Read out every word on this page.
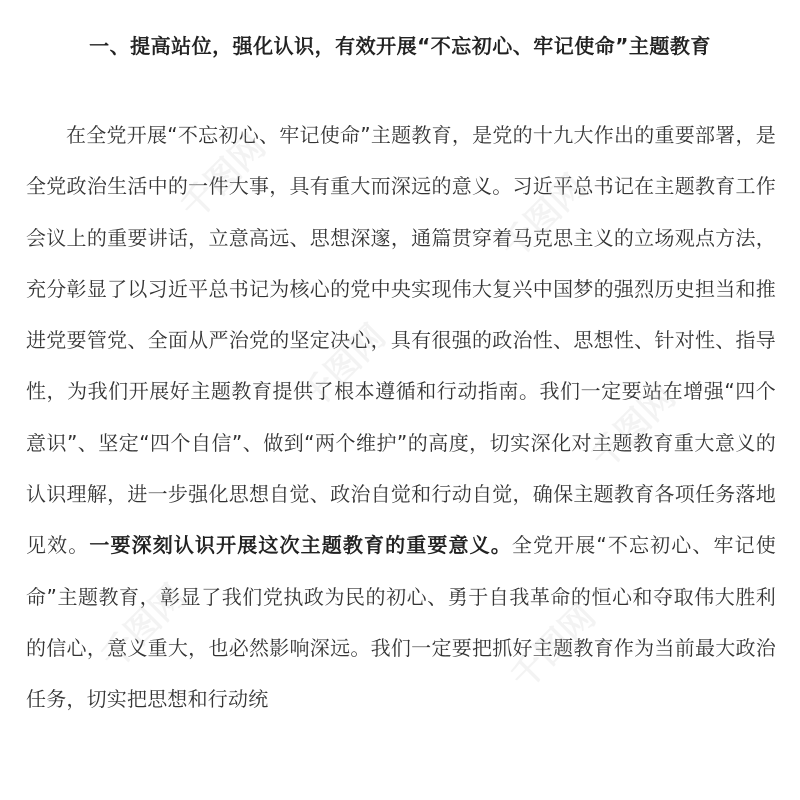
一、提高站位，强化认识，有效开展“不忘初心、牢记使命”主题教育

在全党开展“不忘初心、牢记使命”主题教育，是党的十九大作出的重要部署，是全党政治生活中的一件大事，具有重大而深远的意义。习近平总书记在主题教育工作会议上的重要讲话，立意高远、思想深邃，通篇贯穿着马克思主义的立场观点方法，充分彰显了以习近平总书记为核心的党中央实现伟大复兴中国梦的强烈历史担当和推进党要管党、全面从严治党的坚定决心，具有很强的政治性、思想性、针对性、指导性，为我们开展好主题教育提供了根本遵循和行动指南。我们一定要站在增强“四个意识”、坚定“四个自信”、做到“两个维护”的高度，切实深化对主题教育重大意义的认识理解，进一步强化思想自觉、政治自觉和行动自觉，确保主题教育各项任务落地见效。一要深刻认识开展这次主题教育的重要意义。全党开展“不忘初心、牢记使命”主题教育，彰显了我们党执政为民的初心、勇于自我革命的恒心和夺取伟大胜利的信心，意义重大，也必然影响深远。我们一定要把抓好主题教育作为当前最大政治任务，切实把思想和行动统

千图网	千图网
千图网
千图网
千图网	千图网
